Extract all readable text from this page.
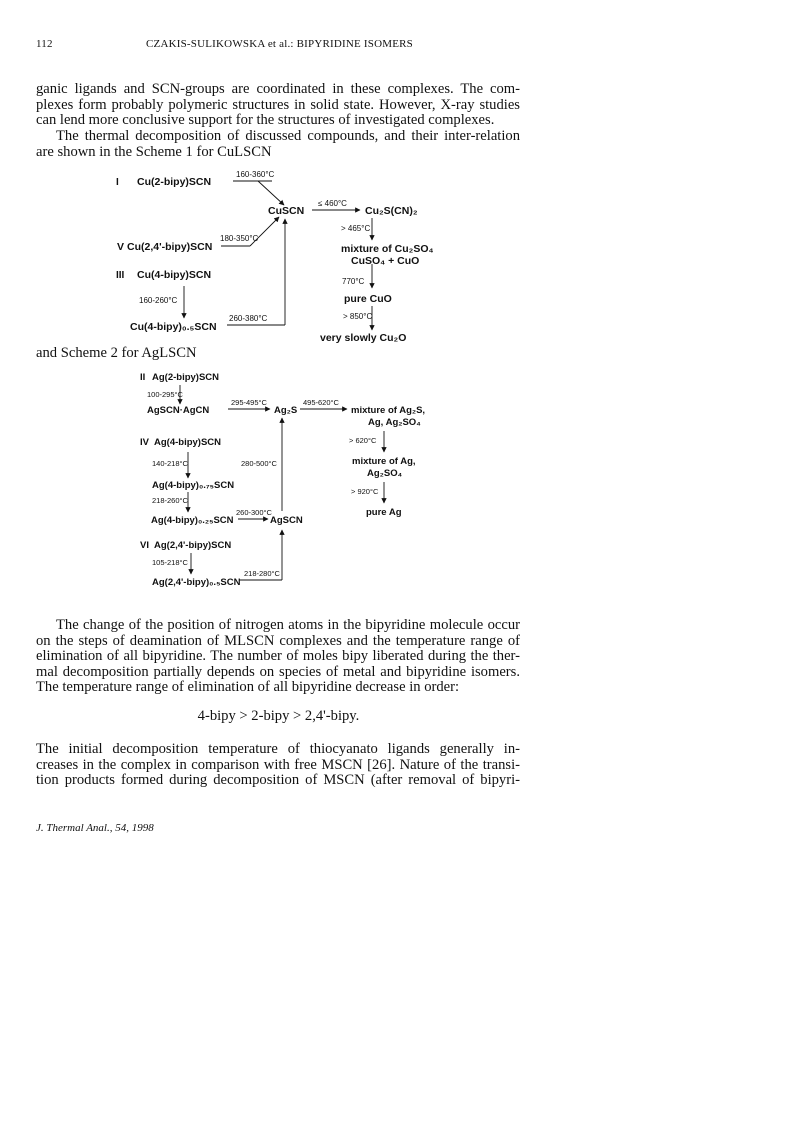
112	CZAKIS-SULIKOWSKA et al.: BIPYRIDINE ISOMERS
ganic ligands and SCN-groups are coordinated in these complexes. The com-
plexes form probably polymeric structures in solid state. However, X-ray studies
can lend more conclusive support for the structures of investigated complexes.
The thermal decomposition of discussed compounds, and their inter-relation
are shown in the Scheme 1 for CuLSCN
I Cu(2-bipy)SCN
160-360°C
CuSCN
≤ 460°C
Cu₂S(CN)₂
> 465°C
V Cu(2,4'-bipy)SCN
180-350°C
mixture of Cu₂SO₄
CuSO₄ + CuO
III Cu(4-bipy)SCN
770°C
160-260°C	pure CuO
> 850°C
Cu(4-bipy)₀.₅SCN
260-380°C
very slowly Cu₂O
and Scheme 2 for AgLSCN
II Ag(2-bipy)SCN
100-295°C
AgSCN·AgCN
295-495°C
Ag₂S
495-620°C
mixture of Ag₂S,
Ag, Ag₂SO₄
IV Ag(4-bipy)SCN	> 620°C
140-218°C	280-500°C	mixture of Ag,
Ag₂SO₄
Ag(4-bipy)₀.₇₅SCN
> 920°C
218-260°C
pure Ag
Ag(4-bipy)₀.₂₅SCN
260-300°C
AgSCN
VI Ag(2,4'-bipy)SCN
105-218°C
Ag(2,4'-bipy)₀.₅SCN
218-280°C
The change of the position of nitrogen atoms in the bipyridine molecule occur
on the steps of deamination of MLSCN complexes and the temperature range of
elimination of all bipyridine. The number of moles bipy liberated during the ther-
mal decomposition partially depends on species of metal and bipyridine isomers.
The temperature range of elimination of all bipyridine decrease in order:
4-bipy > 2-bipy > 2,4'-bipy.
The initial decomposition temperature of thiocyanato ligands generally in-
creases in the complex in comparison with free MSCN [26]. Nature of the transi-
tion products formed during decomposition of MSCN (after removal of bipyri-
J. Thermal Anal., 54, 1998
